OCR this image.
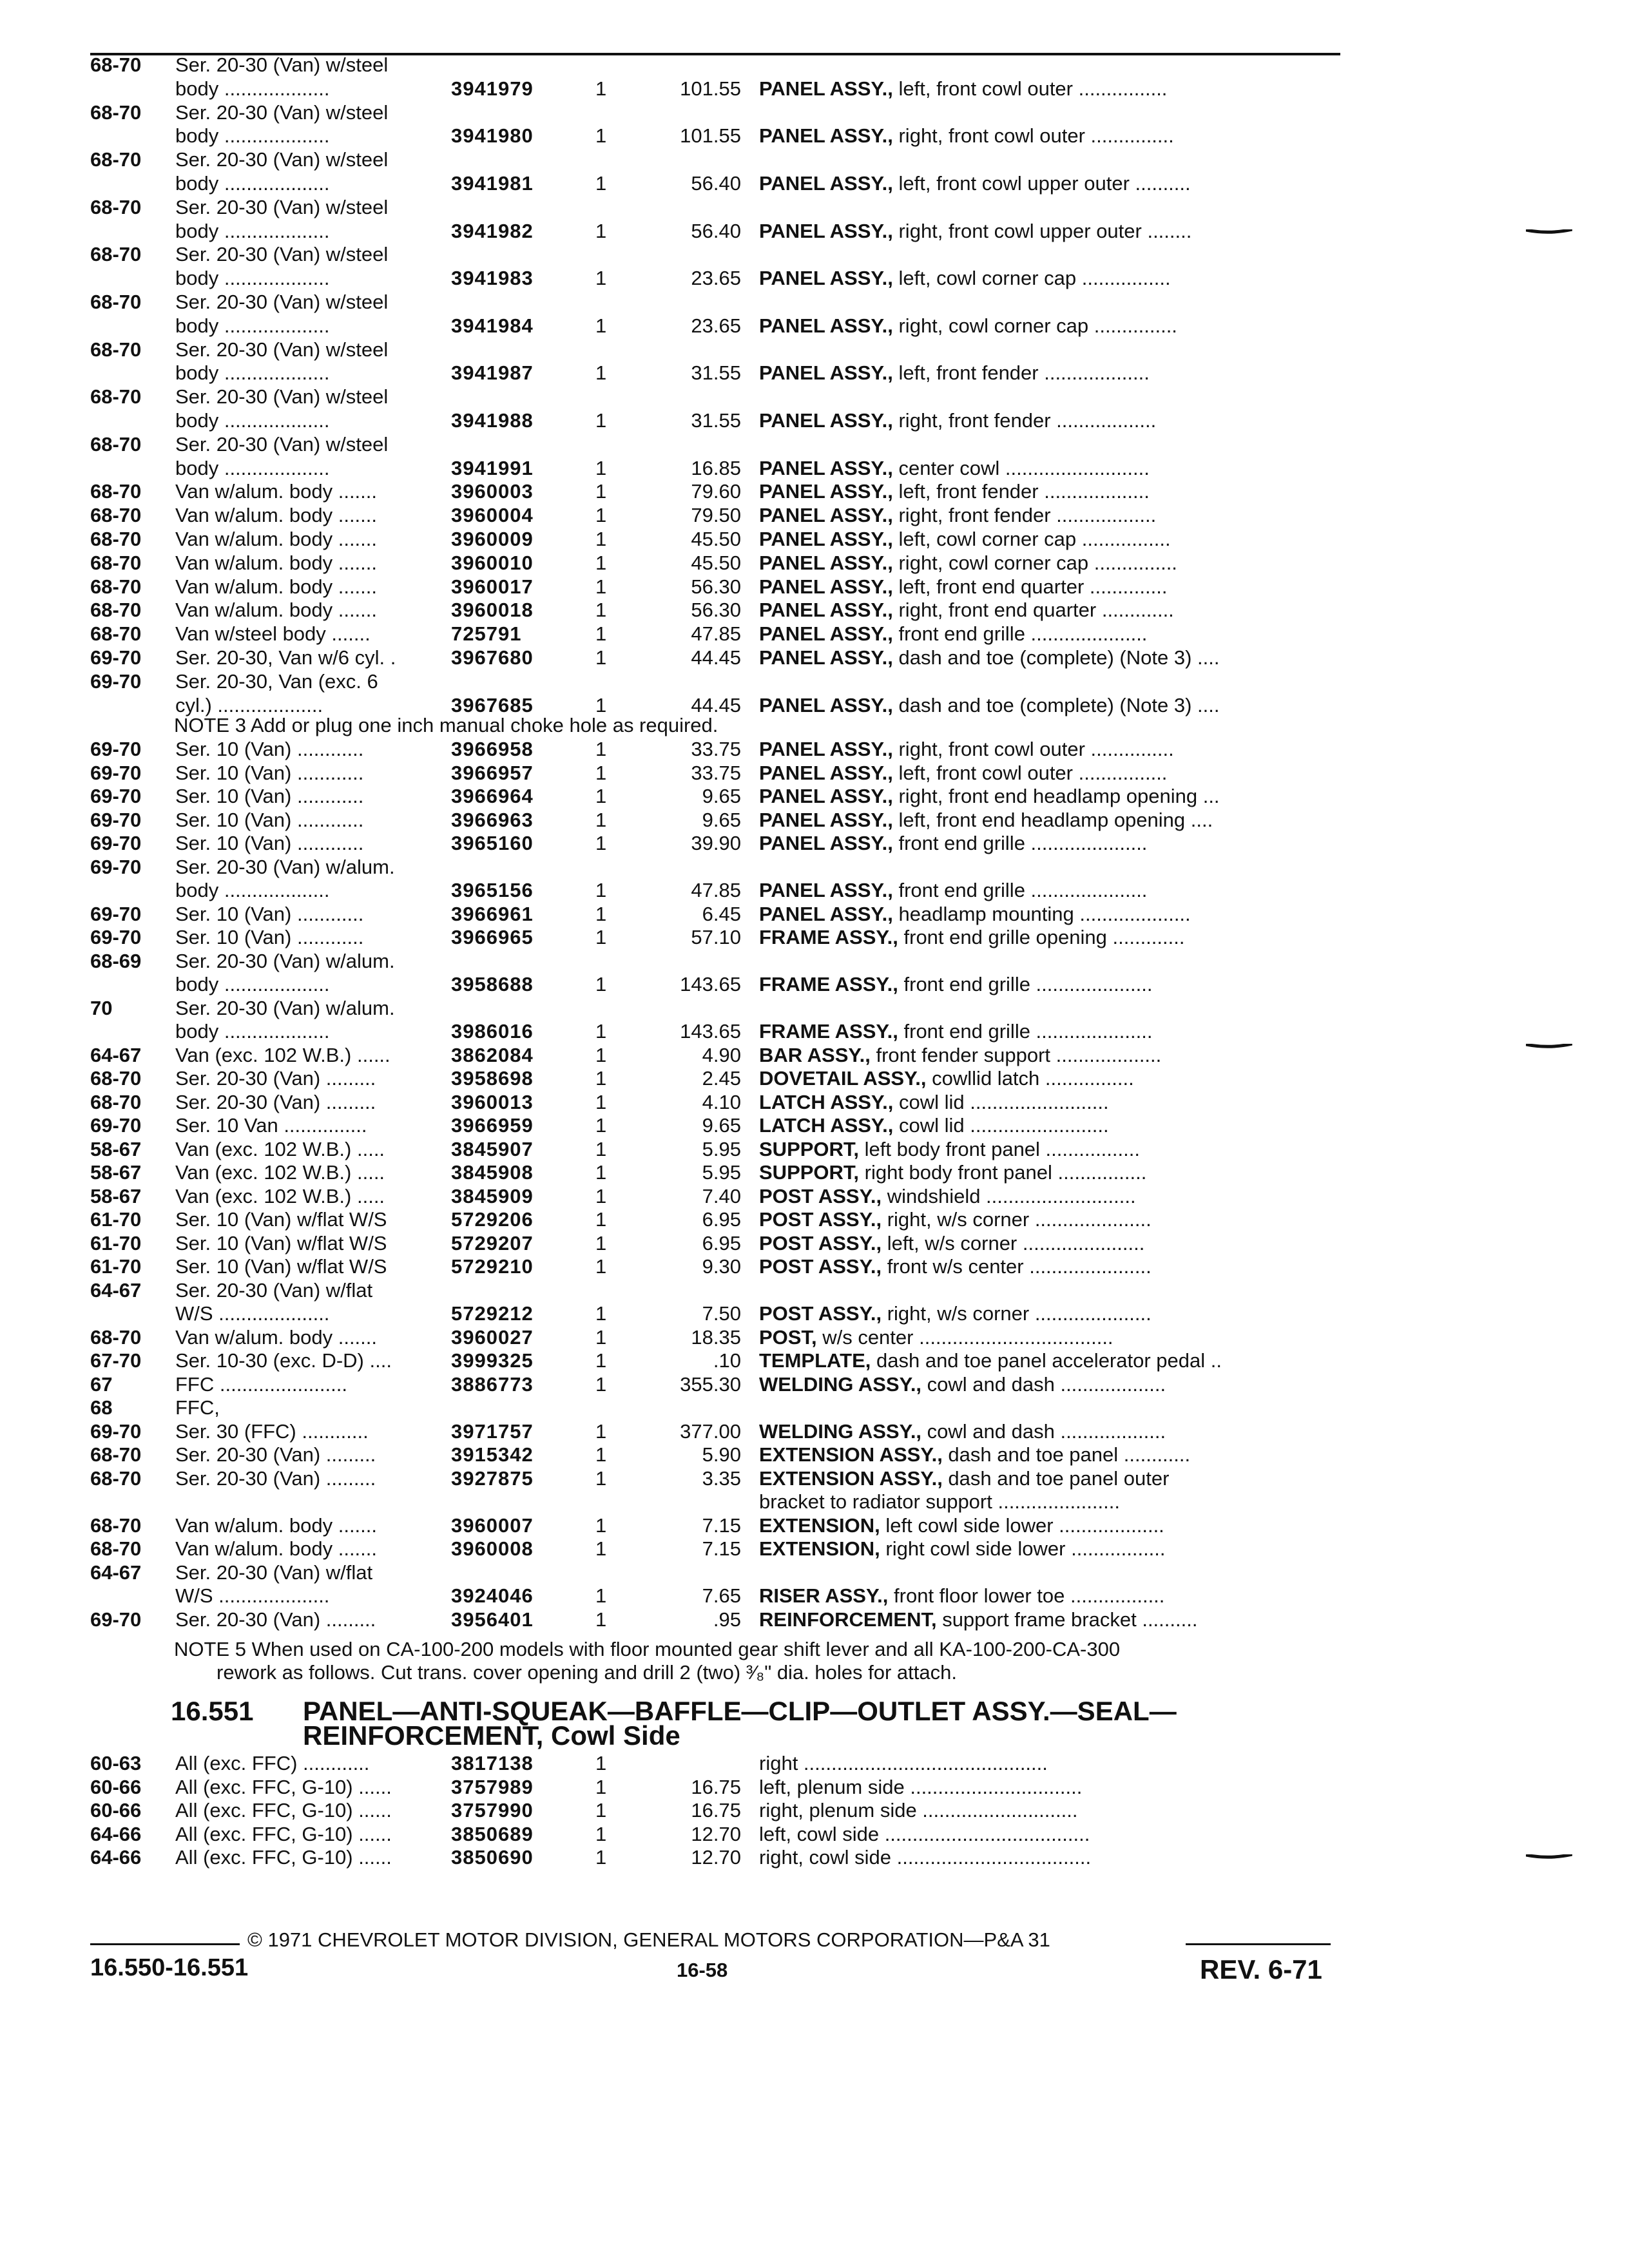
68-70	Ser. 20-30 (Van) w/steel
body ...................	3941979	1	101.55 PANEL ASSY., left, front cowl outer ................
68-70	Ser. 20-30 (Van) w/steel
body ...................	3941980	1	101.55 PANEL ASSY., right, front cowl outer ...............
68-70	Ser. 20-30 (Van) w/steel
body ...................	3941981	1	56.40 PANEL ASSY., left, front cowl upper outer ..........
68-70	Ser. 20-30 (Van) w/steel
body ...................	3941982	1	56.40 PANEL ASSY., right, front cowl upper outer ........
68-70	Ser. 20-30 (Van) w/steel
body ...................	3941983	1	23.65 PANEL ASSY., left, cowl corner cap ................
68-70	Ser. 20-30 (Van) w/steel
body ...................	3941984	1	23.65 PANEL ASSY., right, cowl corner cap ...............
68-70	Ser. 20-30 (Van) w/steel
body ...................	3941987	1	31.55 PANEL ASSY., left, front fender ...................
68-70	Ser. 20-30 (Van) w/steel
body ...................	3941988	1	31.55 PANEL ASSY., right, front fender ..................
68-70	Ser. 20-30 (Van) w/steel
body ...................	3941991	1	16.85 PANEL ASSY., center cowl ..........................
68-70	Van w/alum. body .......	3960003	1	79.60 PANEL ASSY., left, front fender ...................
68-70	Van w/alum. body .......	3960004	1	79.50 PANEL ASSY., right, front fender ..................
68-70	Van w/alum. body .......	3960009	1	45.50 PANEL ASSY., left, cowl corner cap ................
68-70	Van w/alum. body .......	3960010	1	45.50 PANEL ASSY., right, cowl corner cap ...............
68-70	Van w/alum. body .......	3960017	1	56.30 PANEL ASSY., left, front end quarter ..............
68-70	Van w/alum. body .......	3960018	1	56.30 PANEL ASSY., right, front end quarter .............
68-70	Van w/steel body .......	725791	1	47.85 PANEL ASSY., front end grille .....................
69-70	Ser. 20-30, Van w/6 cyl. .	3967680	1	44.45 PANEL ASSY., dash and toe (complete) (Note 3) ....
69-70	Ser. 20-30, Van (exc. 6
cyl.) ...................	3967685	1	44.45 PANEL ASSY., dash and toe (complete) (Note 3) ....
NOTE 3 Add or plug one inch manual choke hole as required.
69-70	Ser. 10 (Van) ............	3966958	1	33.75 PANEL ASSY., right, front cowl outer ...............
69-70	Ser. 10 (Van) ............	3966957	1	33.75 PANEL ASSY., left, front cowl outer ................
69-70	Ser. 10 (Van) ............	3966964	1	9.65 PANEL ASSY., right, front end headlamp opening ...
69-70	Ser. 10 (Van) ............	3966963	1	9.65 PANEL ASSY., left, front end headlamp opening ....
69-70	Ser. 10 (Van) ............	3965160	1	39.90 PANEL ASSY., front end grille .....................
69-70	Ser. 20-30 (Van) w/alum.
body ...................	3965156	1	47.85 PANEL ASSY., front end grille .....................
69-70	Ser. 10 (Van) ............	3966961	1	6.45 PANEL ASSY., headlamp mounting ....................
69-70	Ser. 10 (Van) ............	3966965	1	57.10 FRAME ASSY., front end grille opening .............
68-69	Ser. 20-30 (Van) w/alum.
body ...................	3958688	1	143.65 FRAME ASSY., front end grille .....................
70	Ser. 20-30 (Van) w/alum.
body ...................	3986016	1	143.65 FRAME ASSY., front end grille .....................
64-67	Van (exc. 102 W.B.) ......	3862084	1	4.90 BAR ASSY., front fender support ...................
68-70	Ser. 20-30 (Van) .........	3958698	1	2.45 DOVETAIL ASSY., cowllid latch ................
68-70	Ser. 20-30 (Van) .........	3960013	1	4.10 LATCH ASSY., cowl lid .........................
69-70	Ser. 10 Van ...............	3966959	1	9.65 LATCH ASSY., cowl lid .........................
58-67	Van (exc. 102 W.B.) .....	3845907	1	5.95 SUPPORT, left body front panel .................
58-67	Van (exc. 102 W.B.) .....	3845908	1	5.95 SUPPORT, right body front panel ................
58-67	Van (exc. 102 W.B.) .....	3845909	1	7.40 POST ASSY., windshield ...........................
61-70	Ser. 10 (Van) w/flat W/S	5729206	1	6.95 POST ASSY., right, w/s corner .....................
61-70	Ser. 10 (Van) w/flat W/S	5729207	1	6.95 POST ASSY., left, w/s corner ......................
61-70	Ser. 10 (Van) w/flat W/S	5729210	1	9.30 POST ASSY., front w/s center ......................
64-67	Ser. 20-30 (Van) w/flat
W/S ....................	5729212	1	7.50 POST ASSY., right, w/s corner .....................
68-70	Van w/alum. body .......	3960027	1	18.35 POST, w/s center ...................................
67-70	Ser. 10-30 (exc. D-D) ....	3999325	1	.10 TEMPLATE, dash and toe panel accelerator pedal ..
67	FFC .......................	3886773	1	355.30 WELDING ASSY., cowl and dash ...................
68	FFC,
69-70	Ser. 30 (FFC) ............	3971757	1	377.00 WELDING ASSY., cowl and dash ...................
68-70	Ser. 20-30 (Van) .........	3915342	1	5.90 EXTENSION ASSY., dash and toe panel ............
68-70	Ser. 20-30 (Van) .........	3927875	1	3.35 EXTENSION ASSY., dash and toe panel outer
bracket to radiator support ......................
68-70	Van w/alum. body .......	3960007	1	7.15 EXTENSION, left cowl side lower ...................
68-70	Van w/alum. body .......	3960008	1	7.15 EXTENSION, right cowl side lower .................
64-67	Ser. 20-30 (Van) w/flat
W/S ....................	3924046	1	7.65 RISER ASSY., front floor lower toe .................
69-70	Ser. 20-30 (Van) .........	3956401	1	.95 REINFORCEMENT, support frame bracket ..........
NOTE 5 When used on CA-100-200 models with floor mounted gear shift lever and all KA-100-200-CA-300
rework as follows. Cut trans. cover opening and drill 2 (two) ³⁄₈" dia. holes for attach.
16.551 PANEL—ANTI-SQUEAK—BAFFLE—CLIP—OUTLET ASSY.—SEAL—
REINFORCEMENT, Cowl Side
60-63	All (exc. FFC) ............	3817138	1	right ............................................
60-66	All (exc. FFC, G-10) ......	3757989	1	16.75 left, plenum side ...............................
60-66	All (exc. FFC, G-10) ......	3757990	1	16.75 right, plenum side ............................
64-66	All (exc. FFC, G-10) ......	3850689	1	12.70 left, cowl side .....................................
64-66	All (exc. FFC, G-10) ......	3850690	1	12.70 right, cowl side ...................................
© 1971 CHEVROLET MOTOR DIVISION, GENERAL MOTORS CORPORATION—P&A 31
16.550-16.551	16-58	REV. 6-71
